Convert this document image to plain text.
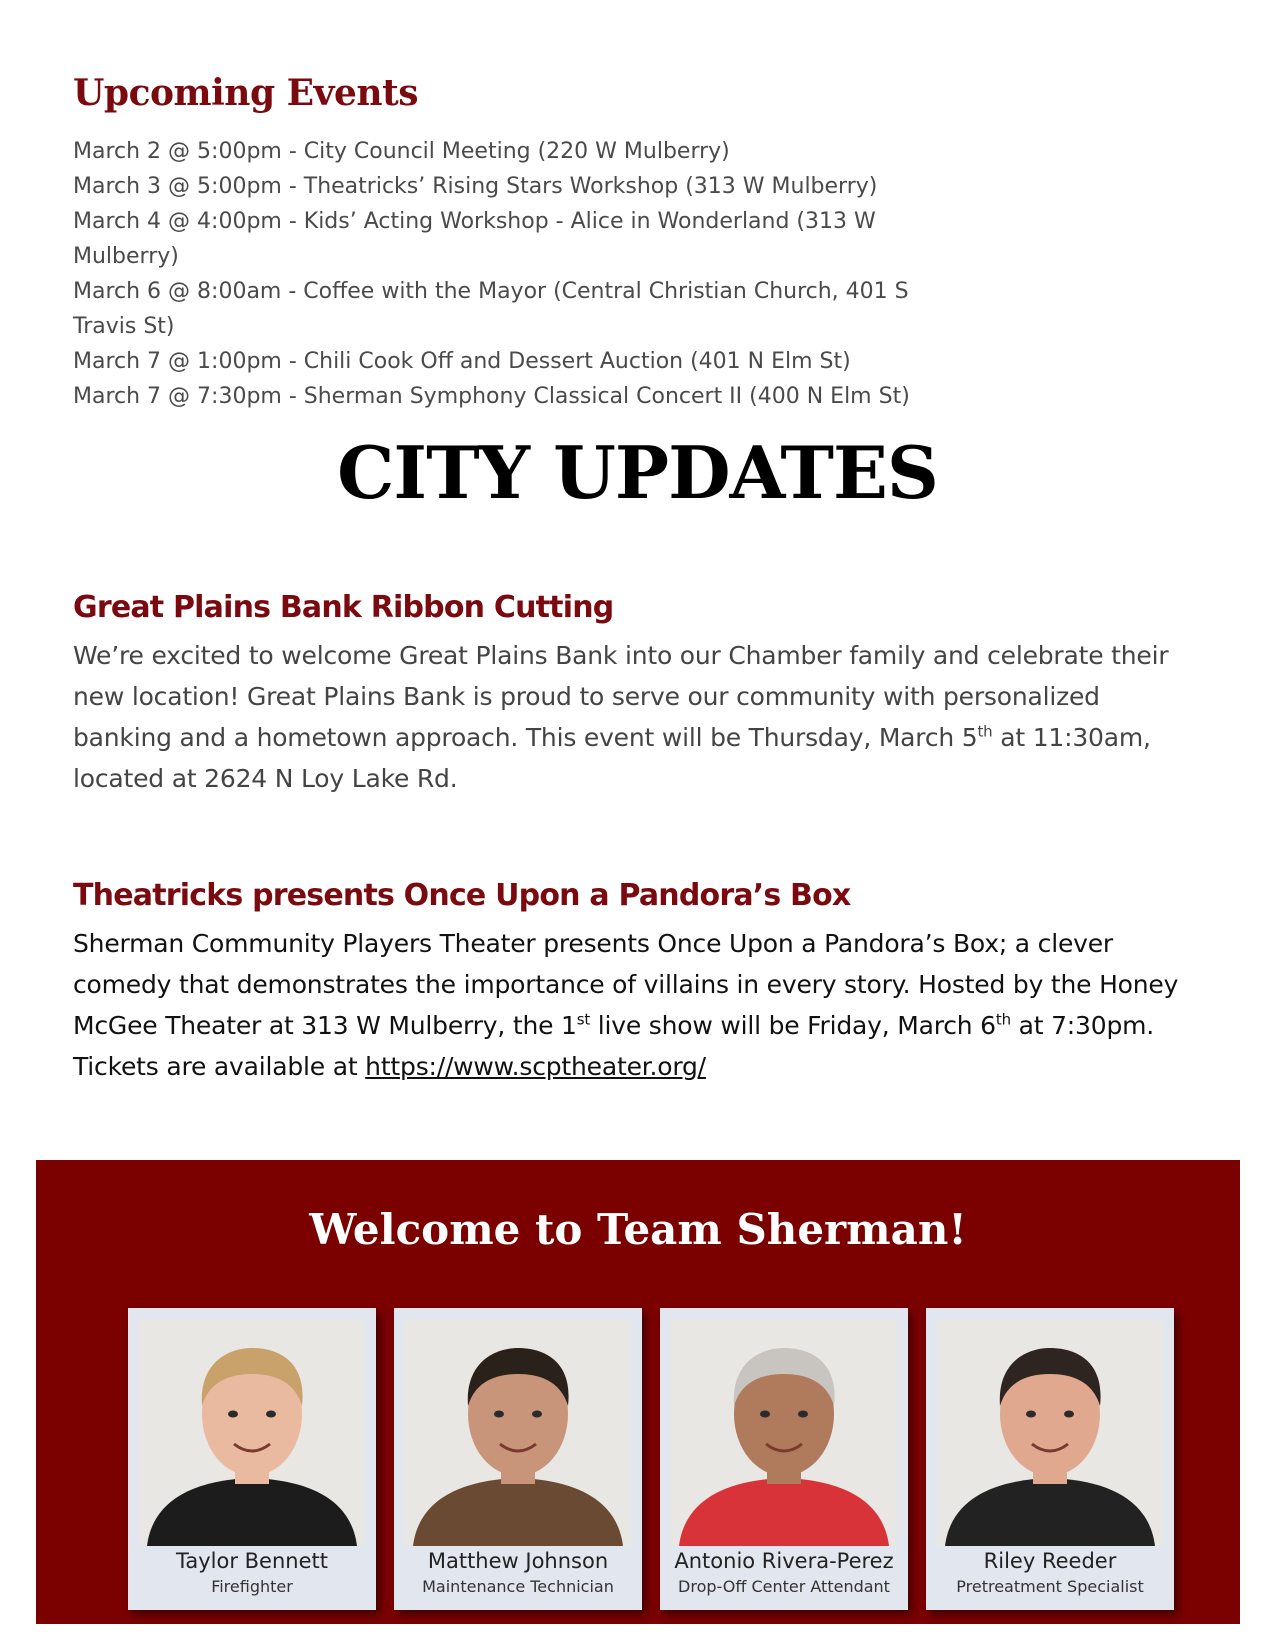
Upcoming Events
March 2 @ 5:00pm - City Council Meeting (220 W Mulberry)
March 3 @ 5:00pm - Theatricks’ Rising Stars Workshop (313 W Mulberry)
March 4 @ 4:00pm - Kids’ Acting Workshop - Alice in Wonderland (313 W Mulberry)
March 6 @ 8:00am - Coffee with the Mayor (Central Christian Church, 401 S Travis St)
March 7 @ 1:00pm - Chili Cook Off and Dessert Auction (401 N Elm St)
March 7 @ 7:30pm - Sherman Symphony Classical Concert II (400 N Elm St)
CITY UPDATES
Great Plains Bank Ribbon Cutting

We’re excited to welcome Great Plains Bank into our Chamber family and celebrate their new location! Great Plains Bank is proud to serve our community with personalized banking and a hometown approach. This event will be Thursday, March 5th at 11:30am, located at 2624 N Loy Lake Rd.

Theatricks presents Once Upon a Pandora’s Box

Sherman Community Players Theater presents Once Upon a Pandora’s Box; a clever comedy that demonstrates the importance of villains in every story. Hosted by the Honey McGee Theater at 313 W Mulberry, the 1st live show will be Friday, March 6th at 7:30pm. Tickets are available at https://www.scptheater.org/

Welcome to Team Sherman!
Taylor Bennett
Firefighter
Matthew Johnson
Maintenance Technician
Antonio Rivera-Perez
Drop-Off Center Attendant
Riley Reeder
Pretreatment Specialist
